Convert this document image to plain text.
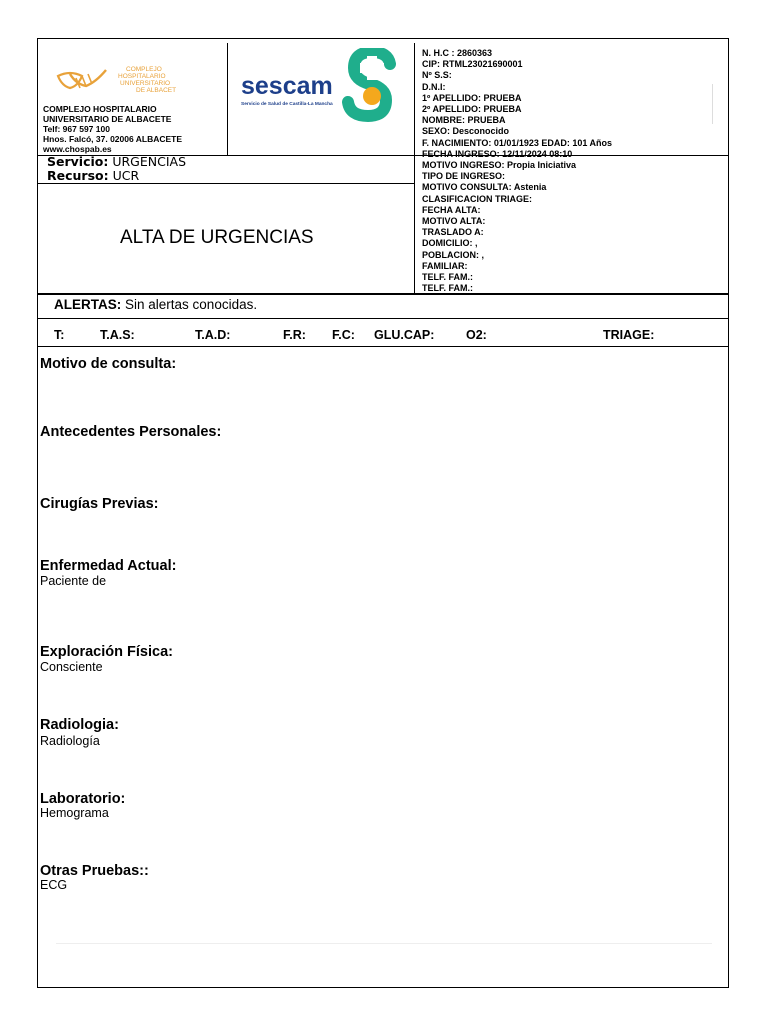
COMPLEJO
HOSPITALARIO
UNIVERSITARIO
DE ALBACETE
COMPLEJO HOSPITALARIO
UNIVERSITARIO DE ALBACETE
Telf: 967 597 100
Hnos. Falcó, 37. 02006 ALBACETE
www.chospab.es
sescam
Servicio de Salud de Castilla-La Mancha
Servicio: URGENCIAS
Recurso: UCR
ALTA DE URGENCIAS
N. H.C : 2860363
CIP: RTML23021690001
Nº S.S:
D.N.I:
1º APELLIDO: PRUEBA
2º APELLIDO: PRUEBA
NOMBRE: PRUEBA
SEXO: Desconocido
F. NACIMIENTO: 01/01/1923 EDAD: 101 Años
FECHA INGRESO: 12/11/2024 08:10
MOTIVO INGRESO: Propia Iniciativa
TIPO DE INGRESO:
MOTIVO CONSULTA: Astenia
CLASIFICACION TRIAGE:
FECHA ALTA:
MOTIVO ALTA:
TRASLADO A:
DOMICILIO: ,
POBLACION: ,
FAMILIAR:
TELF. FAM.:
TELF. FAM.:
ALERTAS: Sin alertas conocidas.
T:	T.A.S:	T.A.D:	F.R: F.C: GLU.CAP:	O2:	TRIAGE:
Motivo de consulta:
Antecedentes Personales:
Cirugías Previas:
Enfermedad Actual:
Paciente de
Exploración Física:
Consciente
Radiologia:
Radiología
Laboratorio:
Hemograma
Otras Pruebas::
ECG
